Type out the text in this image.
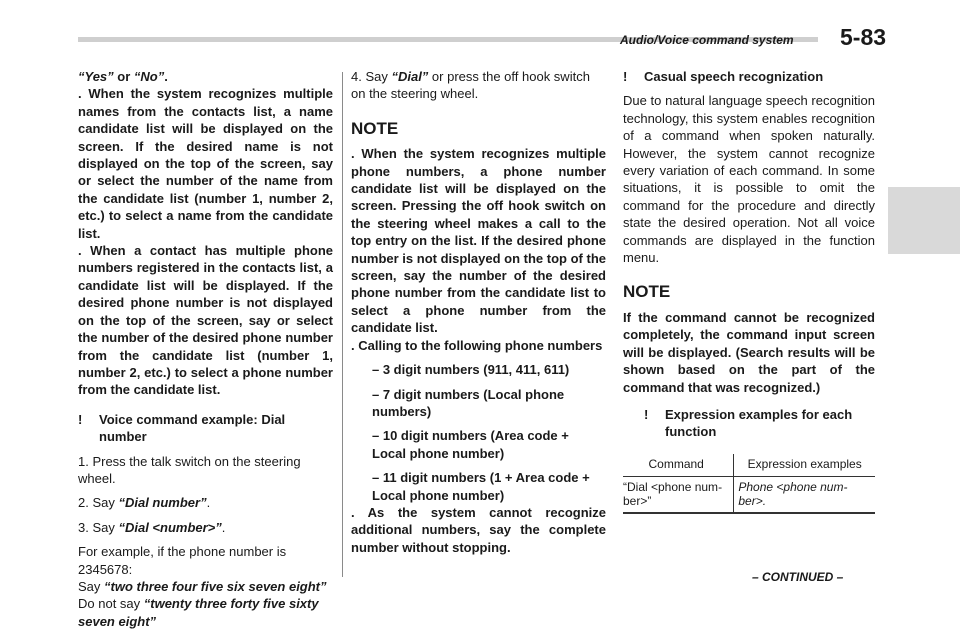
Audio/Voice command system 5-83

“Yes” or “No”.

. When the system recognizes multiple names from the contacts list, a name candidate list will be displayed on the screen. If the desired name is not displayed on the top of the screen, say or select the number of the name from the candidate list (number 1, number 2, etc.) to select a name from the candidate list.

. When a contact has multiple phone numbers registered in the contacts list, a candidate list will be displayed. If the desired phone number is not displayed on the top of the screen, say or select the number of the desired phone number from the candidate list (number 1, number 2, etc.) to select a phone number from the candidate list.

!	Voice command example: Dial number

1. Press the talk switch on the steering wheel.

2. Say “Dial number”.

3. Say “Dial <number>”.

For example, if the phone number is 2345678:

Say “two three four five six seven eight”

Do not say “twenty three forty five sixty seven eight”

4. Say “Dial” or press the off hook switch on the steering wheel.

NOTE

. When the system recognizes multiple phone numbers, a phone number candidate list will be displayed on the screen. Pressing the off hook switch on the steering wheel makes a call to the top entry on the list. If the desired phone number is not displayed on the top of the screen, say the number of the desired phone number from the candidate list to select a phone number from the candidate list.

. Calling to the following phone numbers

– 3 digit numbers (911, 411, 611)

– 7 digit numbers (Local phone numbers)

– 10 digit numbers (Area code + Local phone number)

– 11 digit numbers (1 + Area code + Local phone number)

. As the system cannot recognize additional numbers, say the complete number without stopping.

!	Casual speech recognization

Due to natural language speech recognition technology, this system enables recognition of a command when spoken naturally. However, the system cannot recognize every variation of each command. In some situations, it is possible to omit the command for the procedure and directly state the desired operation. Not all voice commands are displayed in the function menu.

NOTE

If the command cannot be recognized completely, the command input screen will be displayed. (Search results will be shown based on the part of the command that was recognized.)

!	Expression examples for each function
Command	Expression examples
“Dial <phone number>”	Phone <phone number>.
– CONTINUED –
